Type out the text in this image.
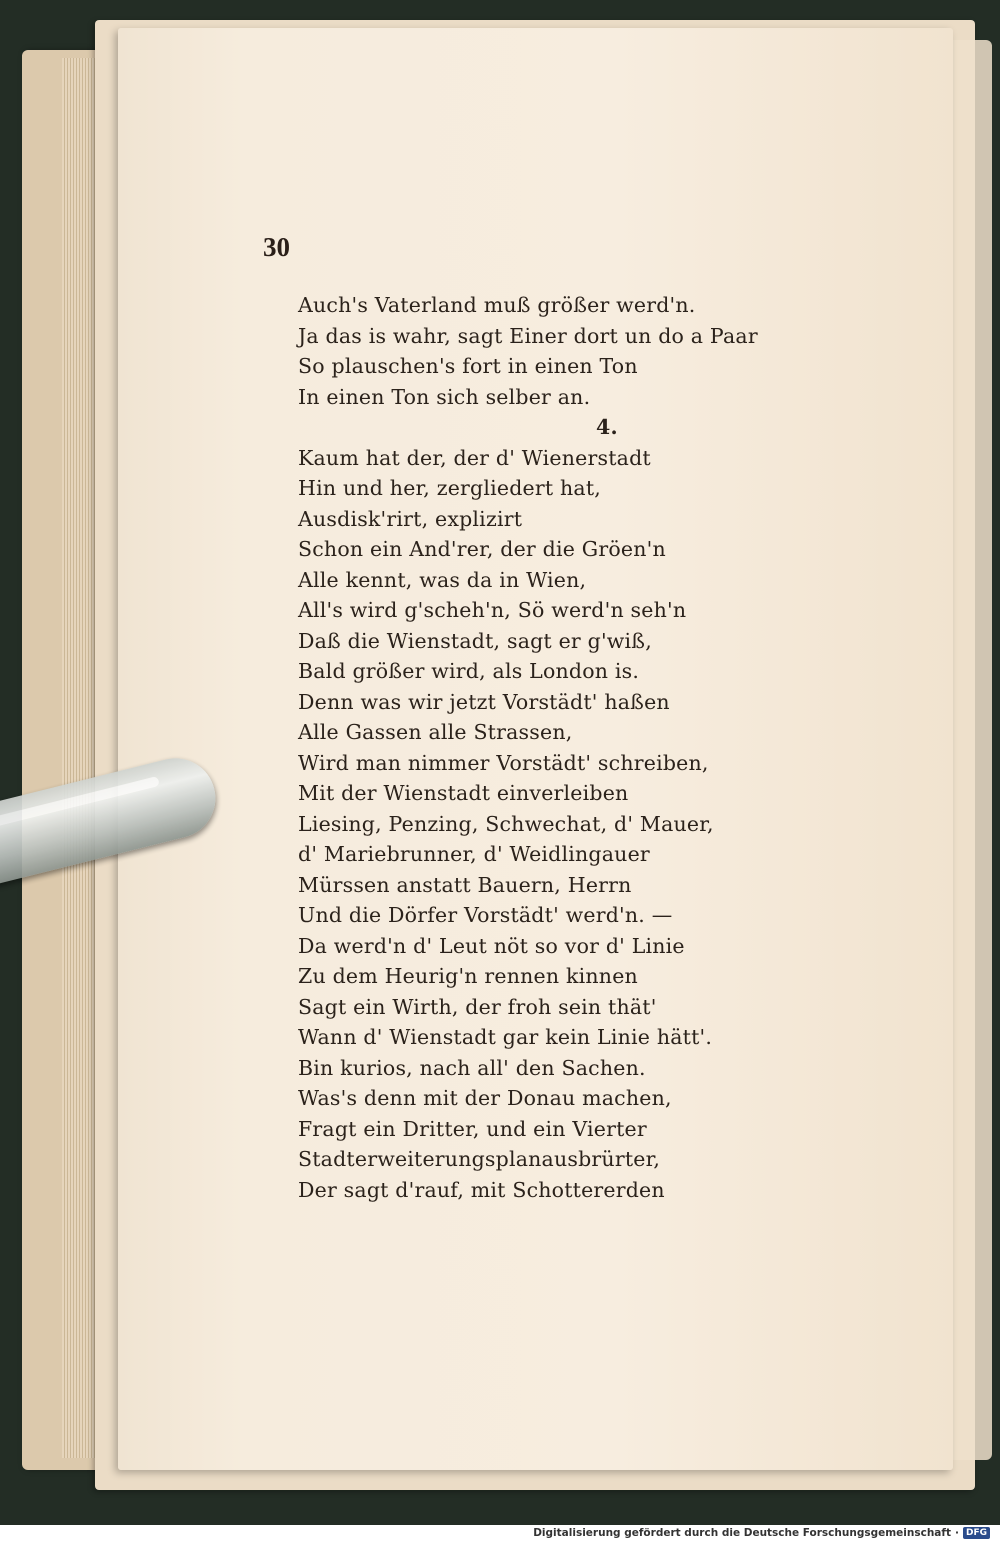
30
Auch's Vaterland muß größer werd'n.
Ja das is wahr, sagt Einer dort un do a Paar
So plauschen's fort in einen Ton
In einen Ton sich selber an.
4.
Kaum hat der, der d' Wienerstadt
Hin und her, zergliedert hat,
Ausdisk'rirt, explizirt
Schon ein And'rer, der die Gröen'n
Alle kennt, was da in Wien,
All's wird g'scheh'n, Sö werd'n seh'n
Daß die Wienstadt, sagt er g'wiß,
Bald größer wird, als London is.
Denn was wir jetzt Vorstädt' haßen
Alle Gassen alle Strassen,
Wird man nimmer Vorstädt' schreiben,
Mit der Wienstadt einverleiben
Liesing, Penzing, Schwechat, d' Mauer,
d' Mariebrunner, d' Weidlingauer
Mürssen anstatt Bauern, Herrn
Und die Dörfer Vorstädt' werd'n. —
Da werd'n d' Leut nöt so vor d' Linie
Zu dem Heurig'n rennen kinnen
Sagt ein Wirth, der froh sein thät'
Wann d' Wienstadt gar kein Linie hätt'.
Bin kurios, nach all' den Sachen.
Was's denn mit der Donau machen,
Fragt ein Dritter, und ein Vierter
Stadterweiterungsplanausbrürter,
Der sagt d'rauf, mit Schottererden
Digitalisierung gefördert durch die Deutsche Forschungsgemeinschaft · DFG
